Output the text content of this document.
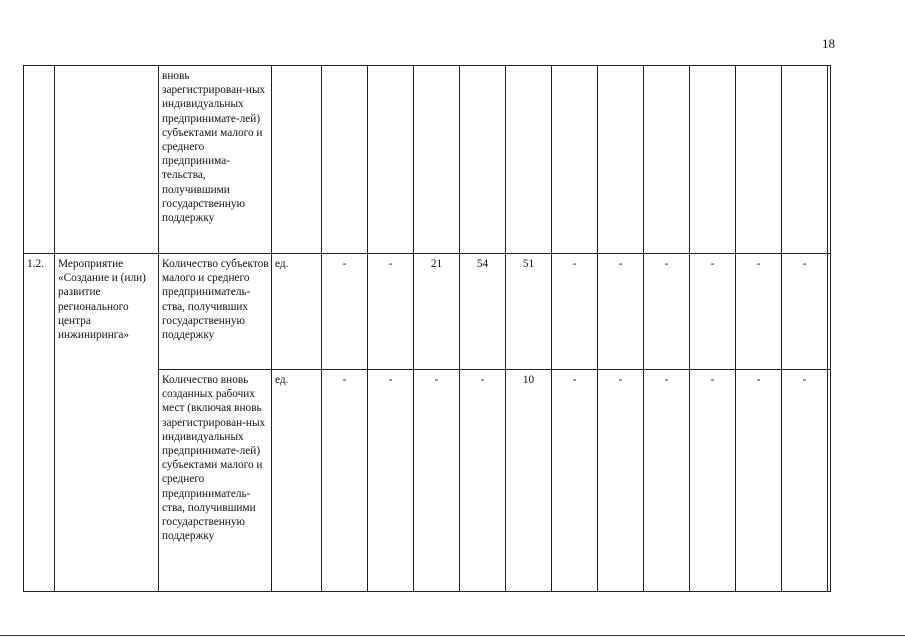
18
		вновь зарегистрирован-ных индивидуальных предпринимате-лей) субъектами малого и среднего предпринима-тельства, получившими государственную поддержку													
1.2.	Мероприятие «Создание и (или) развитие регионального центра инжиниринга»	Количество субъектов малого и среднего предприниматель-ства, получивших государственную поддержку	ед.	-	-	21	54	51	-	-	-	-	-	-	
		Количество вновь созданных рабочих мест (включая вновь зарегистрирован-ных индивидуальных предпринимате-лей) субъектами малого и среднего предприниматель-ства, получившими государственную поддержку	ед.	-	-	-	-	10	-	-	-	-	-	-	
